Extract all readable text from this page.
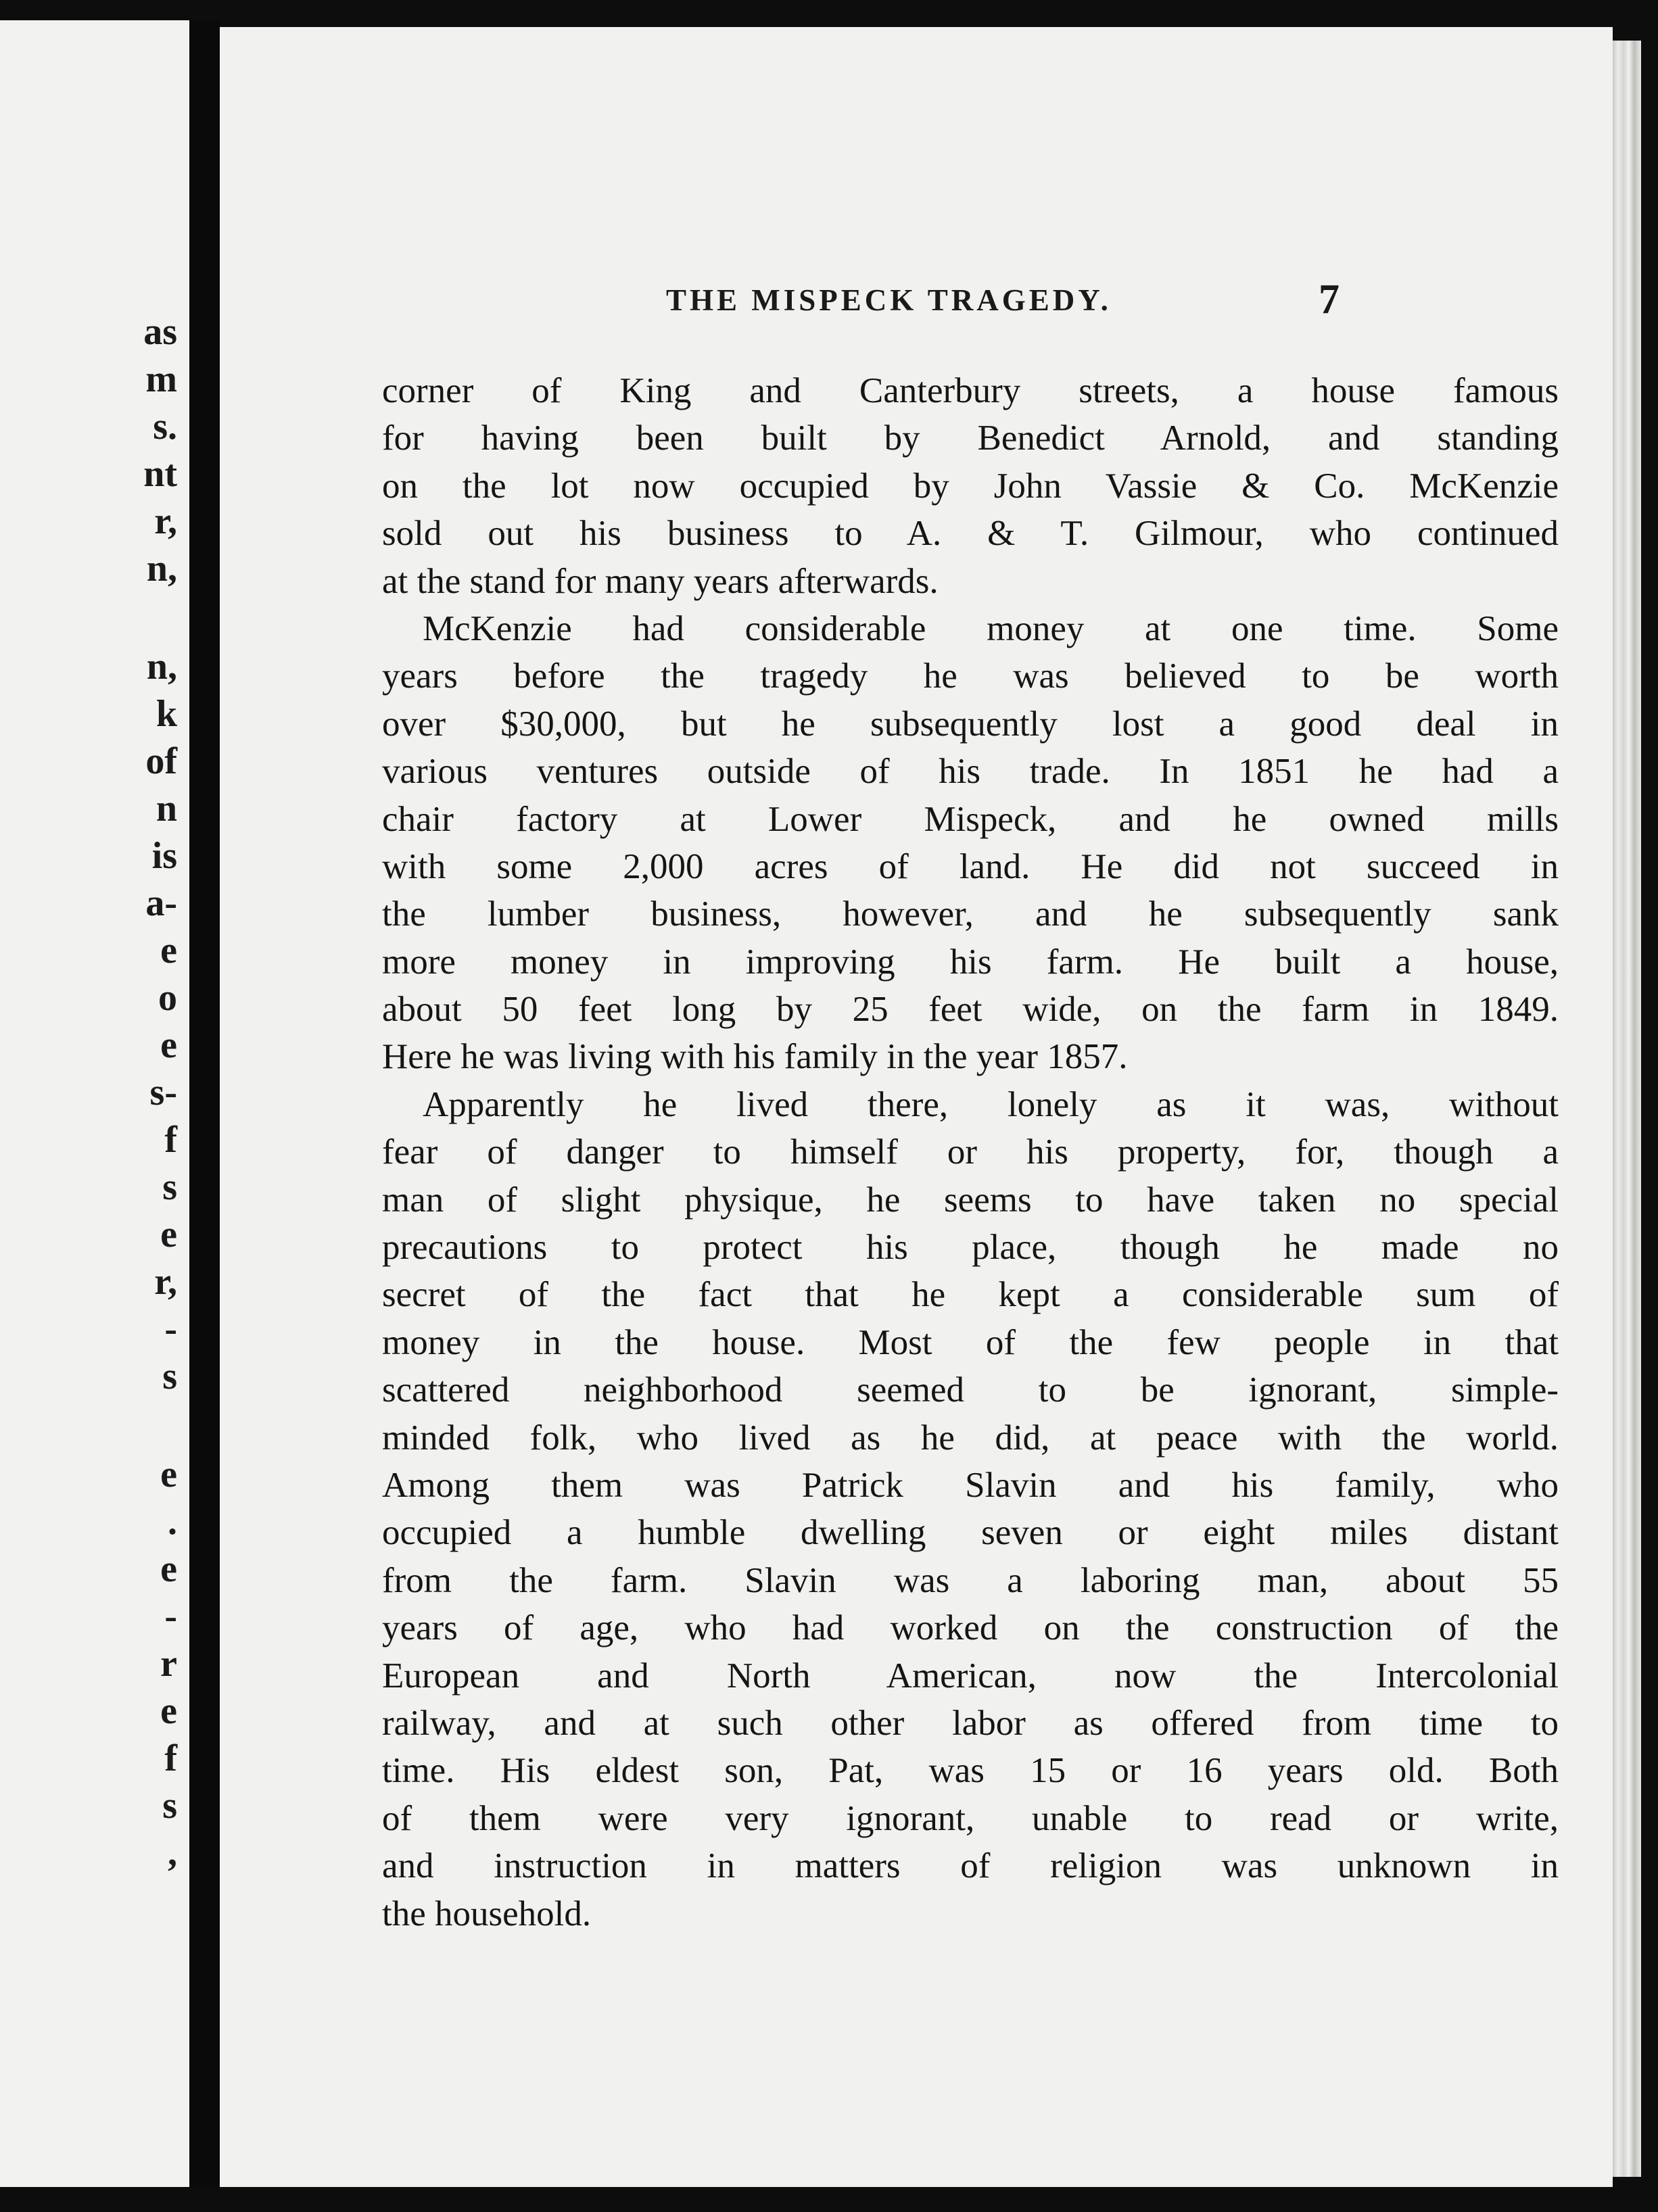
as

m

s.

nt

r,

n,

n,

k

of

n

is

a-

e

o

e

s-

f

s

e

r,

-

s

e

.

e

-

r

e

f

s

,

THE MISPECK TRAGEDY.	7

corner of King and Canterbury streets, a house famous
for having been built by Benedict Arnold, and standing
on the lot now occupied by John Vassie & Co. McKenzie
sold out his business to A. & T. Gilmour, who continued
at the stand for many years afterwards.
McKenzie had considerable money at one time. Some
years before the tragedy he was believed to be worth
over $30,000, but he subsequently lost a good deal in
various ventures outside of his trade. In 1851 he had a
chair factory at Lower Mispeck, and he owned mills
with some 2,000 acres of land. He did not succeed in
the lumber business, however, and he subsequently sank
more money in improving his farm. He built a house,
about 50 feet long by 25 feet wide, on the farm in 1849.
Here he was living with his family in the year 1857.
Apparently he lived there, lonely as it was, without
fear of danger to himself or his property, for, though a
man of slight physique, he seems to have taken no special
precautions to protect his place, though he made no
secret of the fact that he kept a considerable sum of
money in the house. Most of the few people in that
scattered neighborhood seemed to be ignorant, simple-
minded folk, who lived as he did, at peace with the world.
Among them was Patrick Slavin and his family, who
occupied a humble dwelling seven or eight miles distant
from the farm. Slavin was a laboring man, about 55
years of age, who had worked on the construction of the
European and North American, now the Intercolonial
railway, and at such other labor as offered from time to
time. His eldest son, Pat, was 15 or 16 years old. Both
of them were very ignorant, unable to read or write,
and instruction in matters of religion was unknown in
the household.
